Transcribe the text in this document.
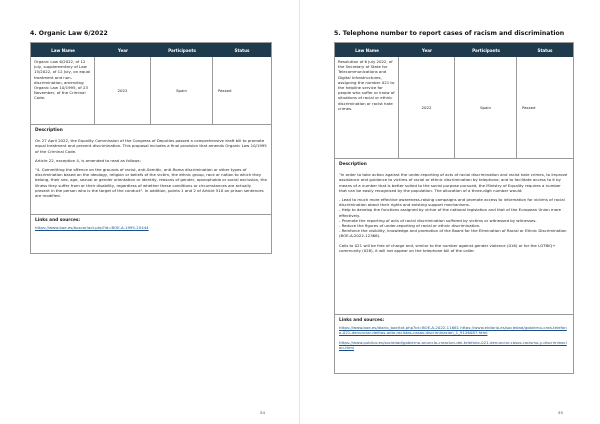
4. Organic Law 6/2022
Law Name	Year	Participants	Status
Organic Law 6/2022, of 12 July, supplementary of Law 15/2022, of 12 July, on equal treatment and non-discrimination, amending Organic Law 10/1995, of 23 November, of the Criminal Code.
2022	Spain	Passed
Description

On 27 April 2022, the Equality Commission of the Congress of Deputies passed a comprehensive draft bill to promote equal treatment and prevent discrimination. This proposal includes a final provision that amends Organic Law 10/1995 of the Criminal Code.

Article 22, exception 4, is amended to read as follows:

"4. Committing the offence on the grounds of racist, anti-Semitic, anti-Roma discrimination or other types of discrimination based on the ideology, religion or beliefs of the victim, the ethnic group, race or nation to which they belong, their sex, age, sexual or gender orientation or identity, reasons of gender, aporophobia or social exclusion, the illness they suffer from or their disability, regardless of whether these conditions or circumstances are actually present in the person who is the target of the conduct". In addition, points 1 and 2 of Article 510 on prison sentences are modified.

Links and sources:

https://www.boe.es/buscar/act.php?id=BOE-A-1995-25444

54
5. Telephone number to report cases of racism and discrimination
Law Name	Year	Participants	Status
Resolution of 6 July 2022, of the Secretary of State for Telecommunications and Digital Infrastructures, assigning the number 021 to the helpline service for people who suffer or know of situations of racial or ethnic discrimination or racist hate crimes.	2022	Spain	Passed
Description

"In order to take action against the under-reporting of acts of racial discrimination and racist hate crimes, to improve assistance and guidance to victims of racial or ethnic discrimination by telephone, and to facilitate access to it by means of a number that is better suited to the social purpose pursued, the Ministry of Equality requires a number that can be easily recognised by the population. The allocation of a three-digit number would:

- Lead to much more effective awareness-raising campaigns and promote access to information for victims of racial discrimination about their rights and existing support mechanisms.

- Help to develop the functions assigned by virtue of the national legislation and that of the European Union more effectively.

- Promote the reporting of acts of racial discrimination suffered by victims or witnessed by witnesses.

- Reduce the figures of under-reporting of racial or ethnic discrimination.

- Reinforce the visibility, knowledge and promotion of the Board for the Elimination of Racial or Ethnic Discrimination (BOE-A-2022-12368).

Calls to 021 will be free of charge and, similar to the number against gender violence (016) or for the LGTBIQ+ community (028), it will not appear on the telephone bill of the caller.

Links and sources:

https://www.boe.es/diario_boe/txt.php?id=BOE-A-2022-11661 https://www.eldiario.es/sociedad/gobierno-crea-telefono-021-denunciar-delitos-odio-racistas-casos-discriminacion_1_9126087.html

https://www.publico.es/sociedad/gobierno-anuncia-creacion-del-telefono-021-denunciar-casos-racismo-y-discriminacion.html

55
